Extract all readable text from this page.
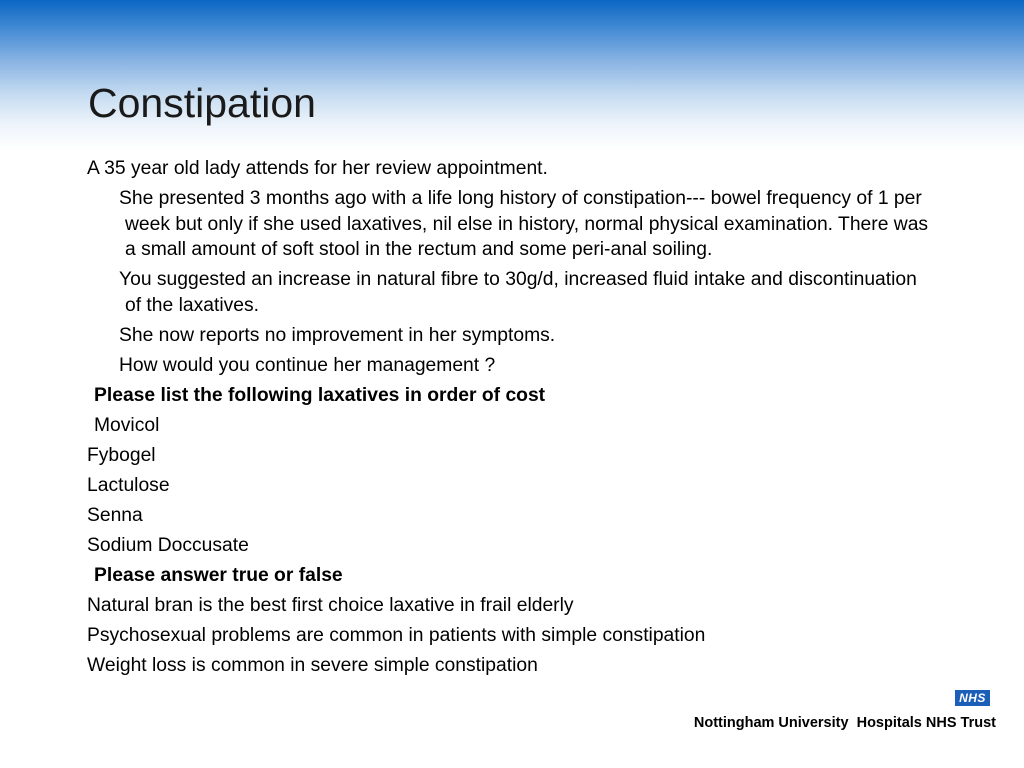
Constipation
A 35 year old lady attends for her review appointment.
She presented 3 months ago with a life long history of constipation--- bowel frequency of 1 per week but only if she used laxatives, nil else in history, normal physical examination. There was a small amount of soft stool in the rectum and some peri-anal soiling.
You suggested an increase in natural fibre to 30g/d, increased fluid intake and discontinuation of the laxatives.
She now reports no improvement in her symptoms.
How would you continue her management ?
Please list the following laxatives in order of cost
Movicol
Fybogel
Lactulose
Senna
Sodium Doccusate
Please answer true or false
Natural bran is the best first choice laxative in frail elderly
Psychosexual problems are common in patients with simple constipation
Weight loss is common in severe simple constipation
NHS
Nottingham University  Hospitals NHS Trust
